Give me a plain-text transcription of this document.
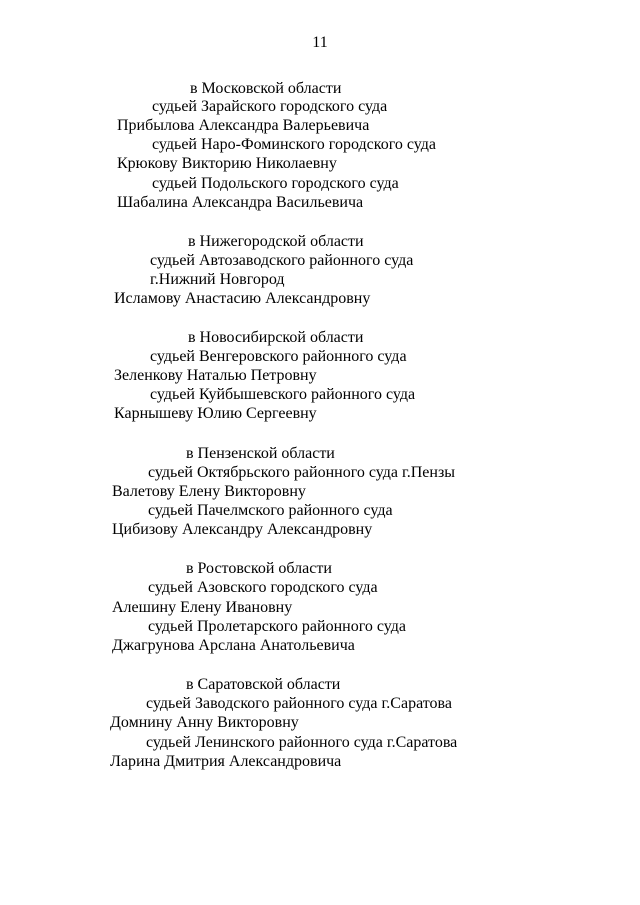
11
в Московской области
судьей Зарайского городского суда
Прибылова Александра Валерьевича
судьей Наро-Фоминского городского суда
Крюкову Викторию Николаевну
судьей Подольского городского суда
Шабалина Александра Васильевича
в Нижегородской области
судьей Автозаводского районного суда
г.Нижний Новгород
Исламову Анастасию Александровну
в Новосибирской области
судьей Венгеровского районного суда
Зеленкову Наталью Петровну
судьей Куйбышевского районного суда
Карнышеву Юлию Сергеевну
в Пензенской области
судьей Октябрьского районного суда г.Пензы
Валетову Елену Викторовну
судьей Пачелмского районного суда
Цибизову Александру Александровну
в Ростовской области
судьей Азовского городского суда
Алешину Елену Ивановну
судьей Пролетарского районного суда
Джагрунова Арслана Анатольевича
в Саратовской области
судьей Заводского районного суда г.Саратова
Домнину Анну Викторовну
судьей Ленинского районного суда г.Саратова
Ларина Дмитрия Александровича
